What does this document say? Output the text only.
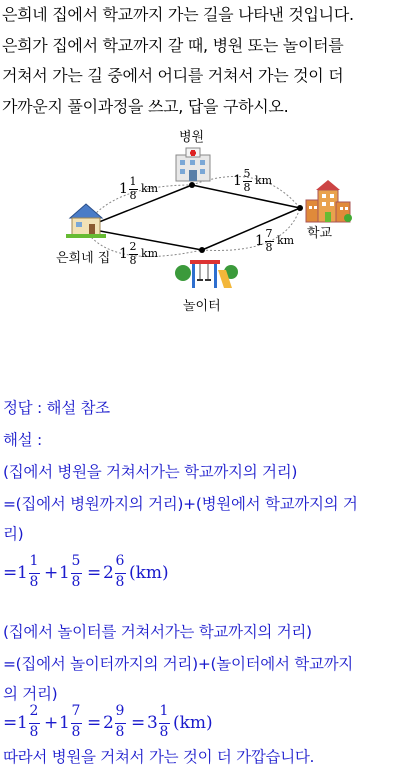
은희네 집에서 학교까지 가는 길을 나타낸 것입니다.
은희가 집에서 학교까지 갈 때, 병원 또는 놀이터를
거쳐서 가는 길 중에서 어디를 거쳐서 가는 것이 더
가까운지 풀이과정을 쓰고, 답을 구하시오.
병원
학교
은희네 집
놀이터
1 1
8
km	1 5
8
km
1 2
8
km
1 7
8
km
정답 : 해설 참조
해설 :
(집에서 병원을 거쳐서가는 학교까지의 거리)
=(집에서 병원까지의 거리)+(병원에서 학교까지의 거
리)
= 1
1
8 + 1
5
8 = 2
6
8 (km)
(집에서 놀이터를 거쳐서가는 학교까지의 거리)
=(집에서 놀이터까지의 거리)+(놀이터에서 학교까지
의 거리)
= 1
2
8 + 1
7
8 = 2
9
8 = 3
1
8 (km)
따라서 병원을 거쳐서 가는 것이 더 가깝습니다.
